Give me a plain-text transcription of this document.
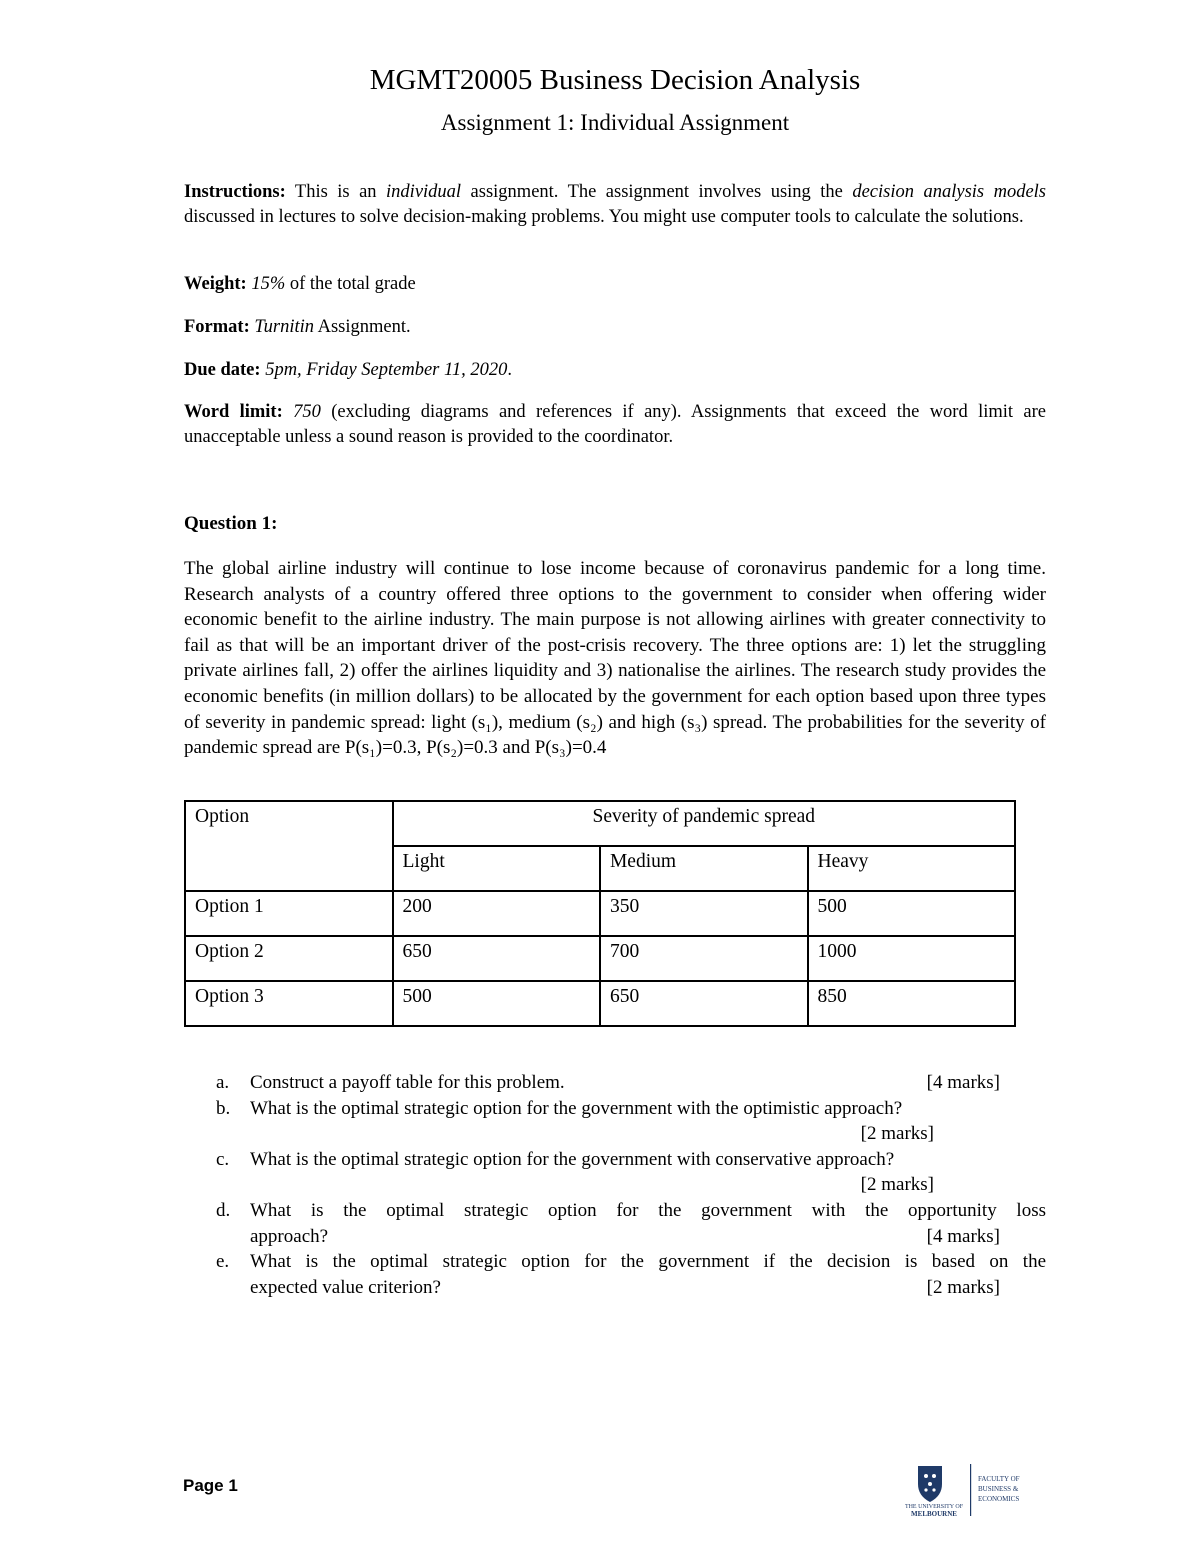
MGMT20005 Business Decision Analysis
Assignment 1: Individual Assignment

Instructions: This is an individual assignment. The assignment involves using the decision analysis models discussed in lectures to solve decision-making problems. You might use computer tools to calculate the solutions.

Weight: 15% of the total grade

Format: Turnitin Assignment.

Due date: 5pm, Friday September 11, 2020.

Word limit: 750 (excluding diagrams and references if any). Assignments that exceed the word limit are unacceptable unless a sound reason is provided to the coordinator.

Question 1:

The global airline industry will continue to lose income because of coronavirus pandemic for a long time. Research analysts of a country offered three options to the government to consider when offering wider economic benefit to the airline industry. The main purpose is not allowing airlines with greater connectivity to fail as that will be an important driver of the post-crisis recovery. The three options are: 1) let the struggling private airlines fall, 2) offer the airlines liquidity and 3) nationalise the airlines. The research study provides the economic benefits (in million dollars) to be allocated by the government for each option based upon three types of severity in pandemic spread: light (s₁), medium (s₂) and high (s₃) spread. The probabilities for the severity of pandemic spread are P(s₁)=0.3, P(s₂)=0.3 and P(s₃)=0.4

Option	Severity of pandemic spread		
	Light	Medium	Heavy
Option 1	200	350	500
Option 2	650	700	1000
Option 3	500	650	850
a. Construct a payoff table for this problem.	[4 marks]
b. What is the optimal strategic option for the government with the optimistic approach?
[2 marks]
c. What is the optimal strategic option for the government with conservative approach?
[2 marks]
d. What is the optimal strategic option for the government with the opportunity loss
approach?	[4 marks]
e. What is the optimal strategic option for the government if the decision is based on the
expected value criterion?	[2 marks]
Page 1
THE UNIVERSITY OF
MELBOURNE
FACULTY OF
BUSINESS &
ECONOMICS
